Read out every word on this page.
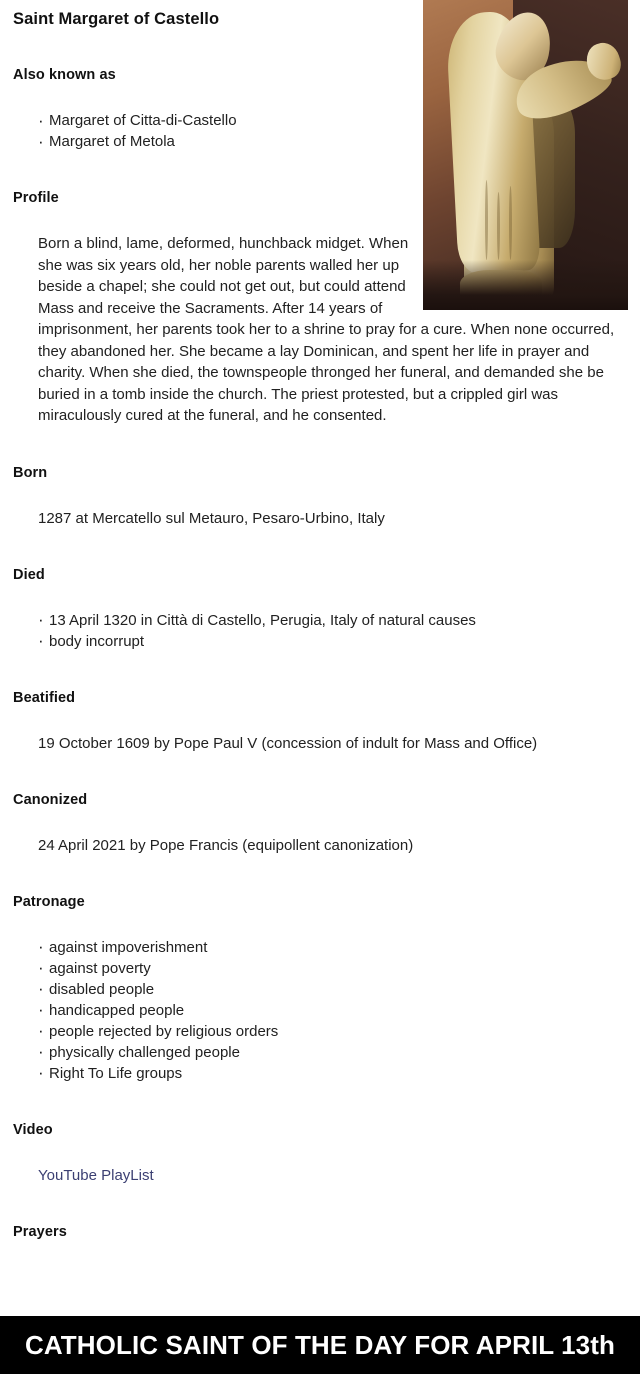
Saint Margaret of Castello
Also known as
· Margaret of Citta-di-Castello
· Margaret of Metola
Profile

Born a blind, lame, deformed, hunchback midget. When she was six years old, her noble parents walled her up beside a chapel; she could not get out, but could attend Mass and receive the Sacraments. After 14 years of imprisonment, her parents took her to a shrine to pray for a cure. When none occurred, they abandoned her. She became a lay Dominican, and spent her life in prayer and charity. When she died, the townspeople thronged her funeral, and demanded she be buried in a tomb inside the church. The priest protested, but a crippled girl was miraculously cured at the funeral, and he consented.

Born

1287 at Mercatello sul Metauro, Pesaro-Urbino, Italy

Died
· 13 April 1320 in Città di Castello, Perugia, Italy of natural causes
· body incorrupt
Beatified

19 October 1609 by Pope Paul V (concession of indult for Mass and Office)

Canonized

24 April 2021 by Pope Francis (equipollent canonization)

Patronage
· against impoverishment
· against poverty
· disabled people
· handicapped people
· people rejected by religious orders
· physically challenged people
· Right To Life groups
Video

YouTube PlayList

Prayers
CATHOLIC SAINT OF THE DAY FOR APRIL 13th
